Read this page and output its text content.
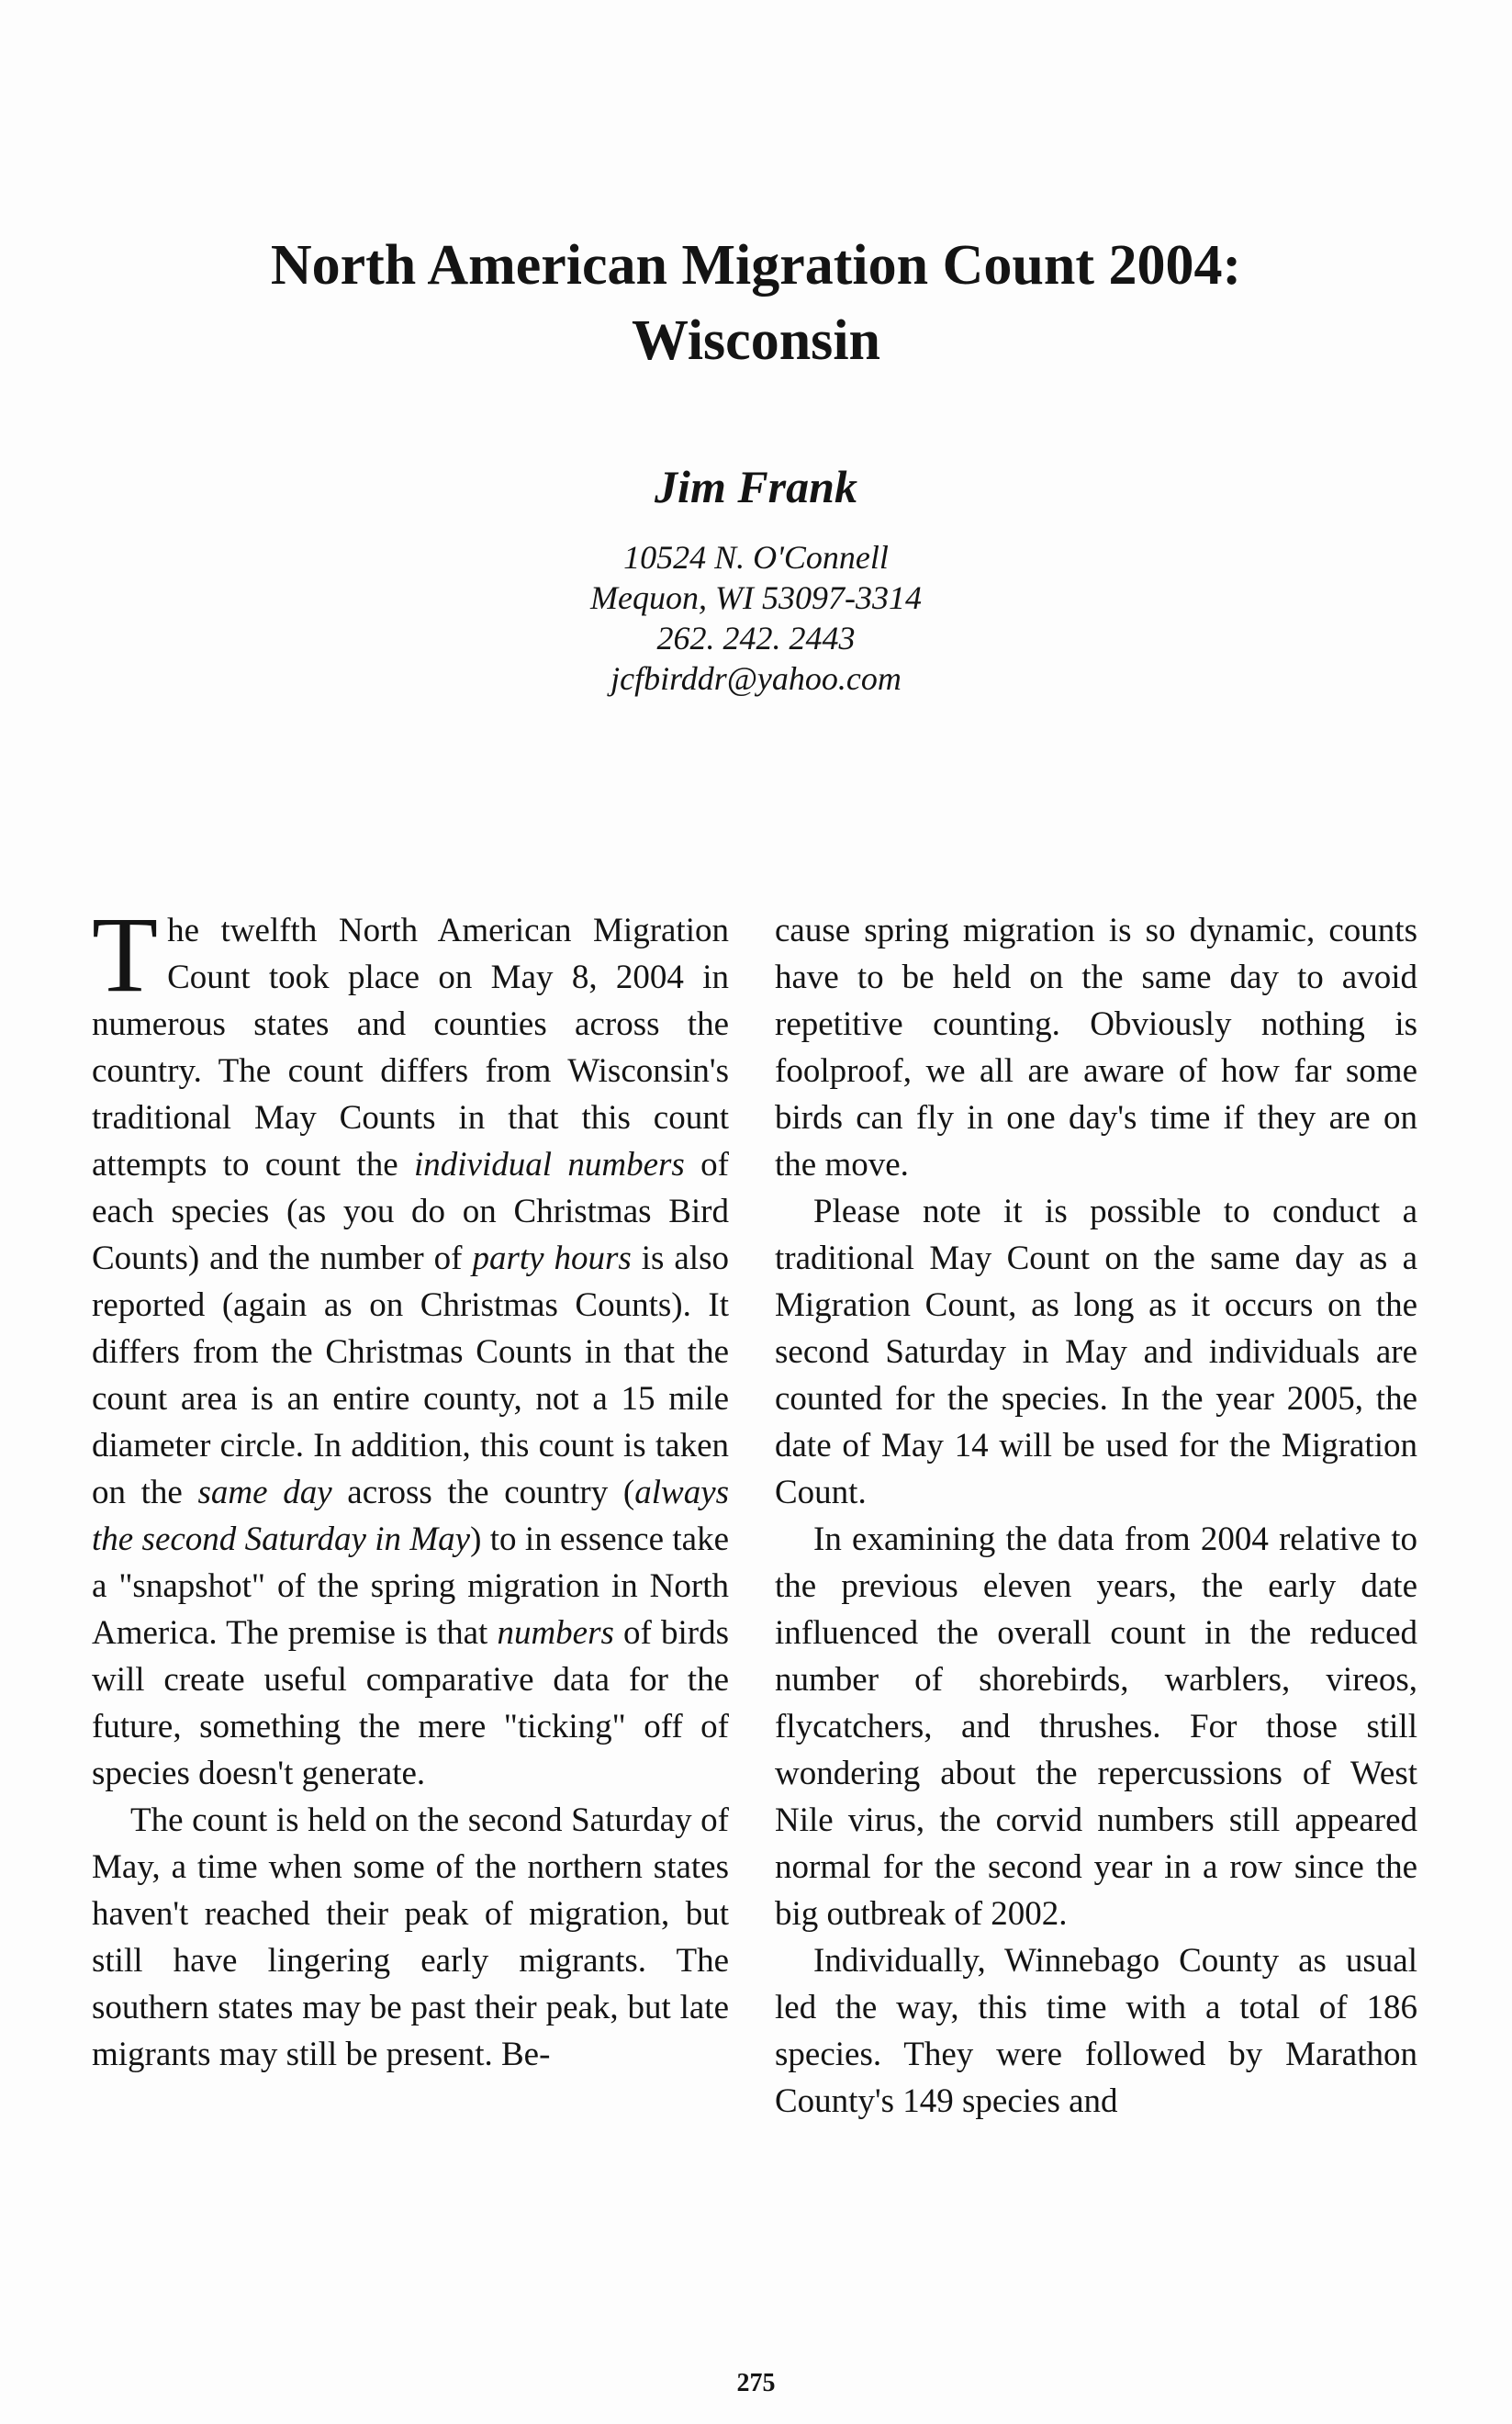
North American Migration Count 2004:
Wisconsin
Jim Frank
10524 N. O'Connell
Mequon, WI 53097-3314
262. 242. 2443
jcfbirddr@yahoo.com

The twelfth North American Migration Count took place on May 8, 2004 in numerous states and counties across the country. The count differs from Wisconsin's traditional May Counts in that this count attempts to count the individual numbers of each species (as you do on Christmas Bird Counts) and the number of party hours is also reported (again as on Christmas Counts). It differs from the Christmas Counts in that the count area is an entire county, not a 15 mile diameter circle. In addition, this count is taken on the same day across the country (always the second Saturday in May) to in essence take a "snapshot" of the spring migration in North America. The premise is that numbers of birds will create useful comparative data for the future, something the mere "ticking" off of species doesn't generate.

The count is held on the second Saturday of May, a time when some of the northern states haven't reached their peak of migration, but still have lingering early migrants. The southern states may be past their peak, but late migrants may still be present. Be-

cause spring migration is so dynamic, counts have to be held on the same day to avoid repetitive counting. Obviously nothing is foolproof, we all are aware of how far some birds can fly in one day's time if they are on the move.

Please note it is possible to conduct a traditional May Count on the same day as a Migration Count, as long as it occurs on the second Saturday in May and individuals are counted for the species. In the year 2005, the date of May 14 will be used for the Migration Count.

In examining the data from 2004 relative to the previous eleven years, the early date influenced the overall count in the reduced number of shorebirds, warblers, vireos, flycatchers, and thrushes. For those still wondering about the repercussions of West Nile virus, the corvid numbers still appeared normal for the second year in a row since the big outbreak of 2002.

Individually, Winnebago County as usual led the way, this time with a total of 186 species. They were followed by Marathon County's 149 species and

275
